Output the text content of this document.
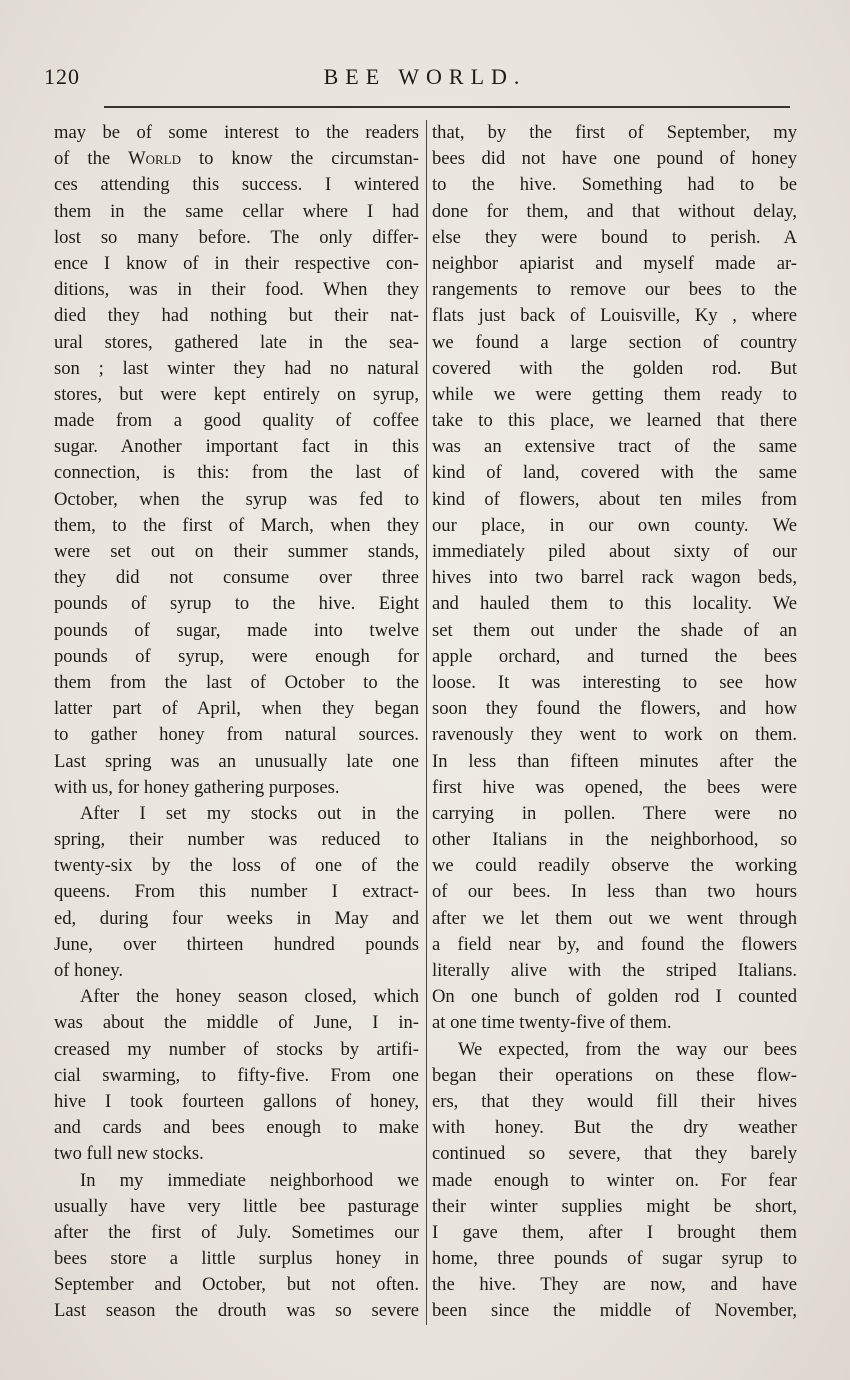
120	BEE WORLD.
may be of some interest to the readers
of the World to know the circumstan-
ces attending this success. I wintered
them in the same cellar where I had
lost so many before. The only differ-
ence I know of in their respective con-
ditions, was in their food. When they
died they had nothing but their nat-
ural stores, gathered late in the sea-
son ; last winter they had no natural
stores, but were kept entirely on syrup,
made from a good quality of coffee
sugar. Another important fact in this
connection, is this: from the last of
October, when the syrup was fed to
them, to the first of March, when they
were set out on their summer stands,
they did not consume over three
pounds of syrup to the hive. Eight
pounds of sugar, made into twelve
pounds of syrup, were enough for
them from the last of October to the
latter part of April, when they began
to gather honey from natural sources.
Last spring was an unusually late one
with us, for honey gathering purposes.
After I set my stocks out in the
spring, their number was reduced to
twenty-six by the loss of one of the
queens. From this number I extract-
ed, during four weeks in May and
June, over thirteen hundred pounds
of honey.
After the honey season closed, which
was about the middle of June, I in-
creased my number of stocks by artifi-
cial swarming, to fifty-five. From one
hive I took fourteen gallons of honey,
and cards and bees enough to make
two full new stocks.
In my immediate neighborhood we
usually have very little bee pasturage
after the first of July. Sometimes our
bees store a little surplus honey in
September and October, but not often.
Last season the drouth was so severe
that, by the first of September, my
bees did not have one pound of honey
to the hive. Something had to be
done for them, and that without delay,
else they were bound to perish. A
neighbor apiarist and myself made ar-
rangements to remove our bees to the
flats just back of Louisville, Ky , where
we found a large section of country
covered with the golden rod. But
while we were getting them ready to
take to this place, we learned that there
was an extensive tract of the same
kind of land, covered with the same
kind of flowers, about ten miles from
our place, in our own county. We
immediately piled about sixty of our
hives into two barrel rack wagon beds,
and hauled them to this locality. We
set them out under the shade of an
apple orchard, and turned the bees
loose. It was interesting to see how
soon they found the flowers, and how
ravenously they went to work on them.
In less than fifteen minutes after the
first hive was opened, the bees were
carrying in pollen. There were no
other Italians in the neighborhood, so
we could readily observe the working
of our bees. In less than two hours
after we let them out we went through
a field near by, and found the flowers
literally alive with the striped Italians.
On one bunch of golden rod I counted
at one time twenty-five of them.
We expected, from the way our bees
began their operations on these flow-
ers, that they would fill their hives
with honey. But the dry weather
continued so severe, that they barely
made enough to winter on. For fear
their winter supplies might be short,
I gave them, after I brought them
home, three pounds of sugar syrup to
the hive. They are now, and have
been since the middle of November,
